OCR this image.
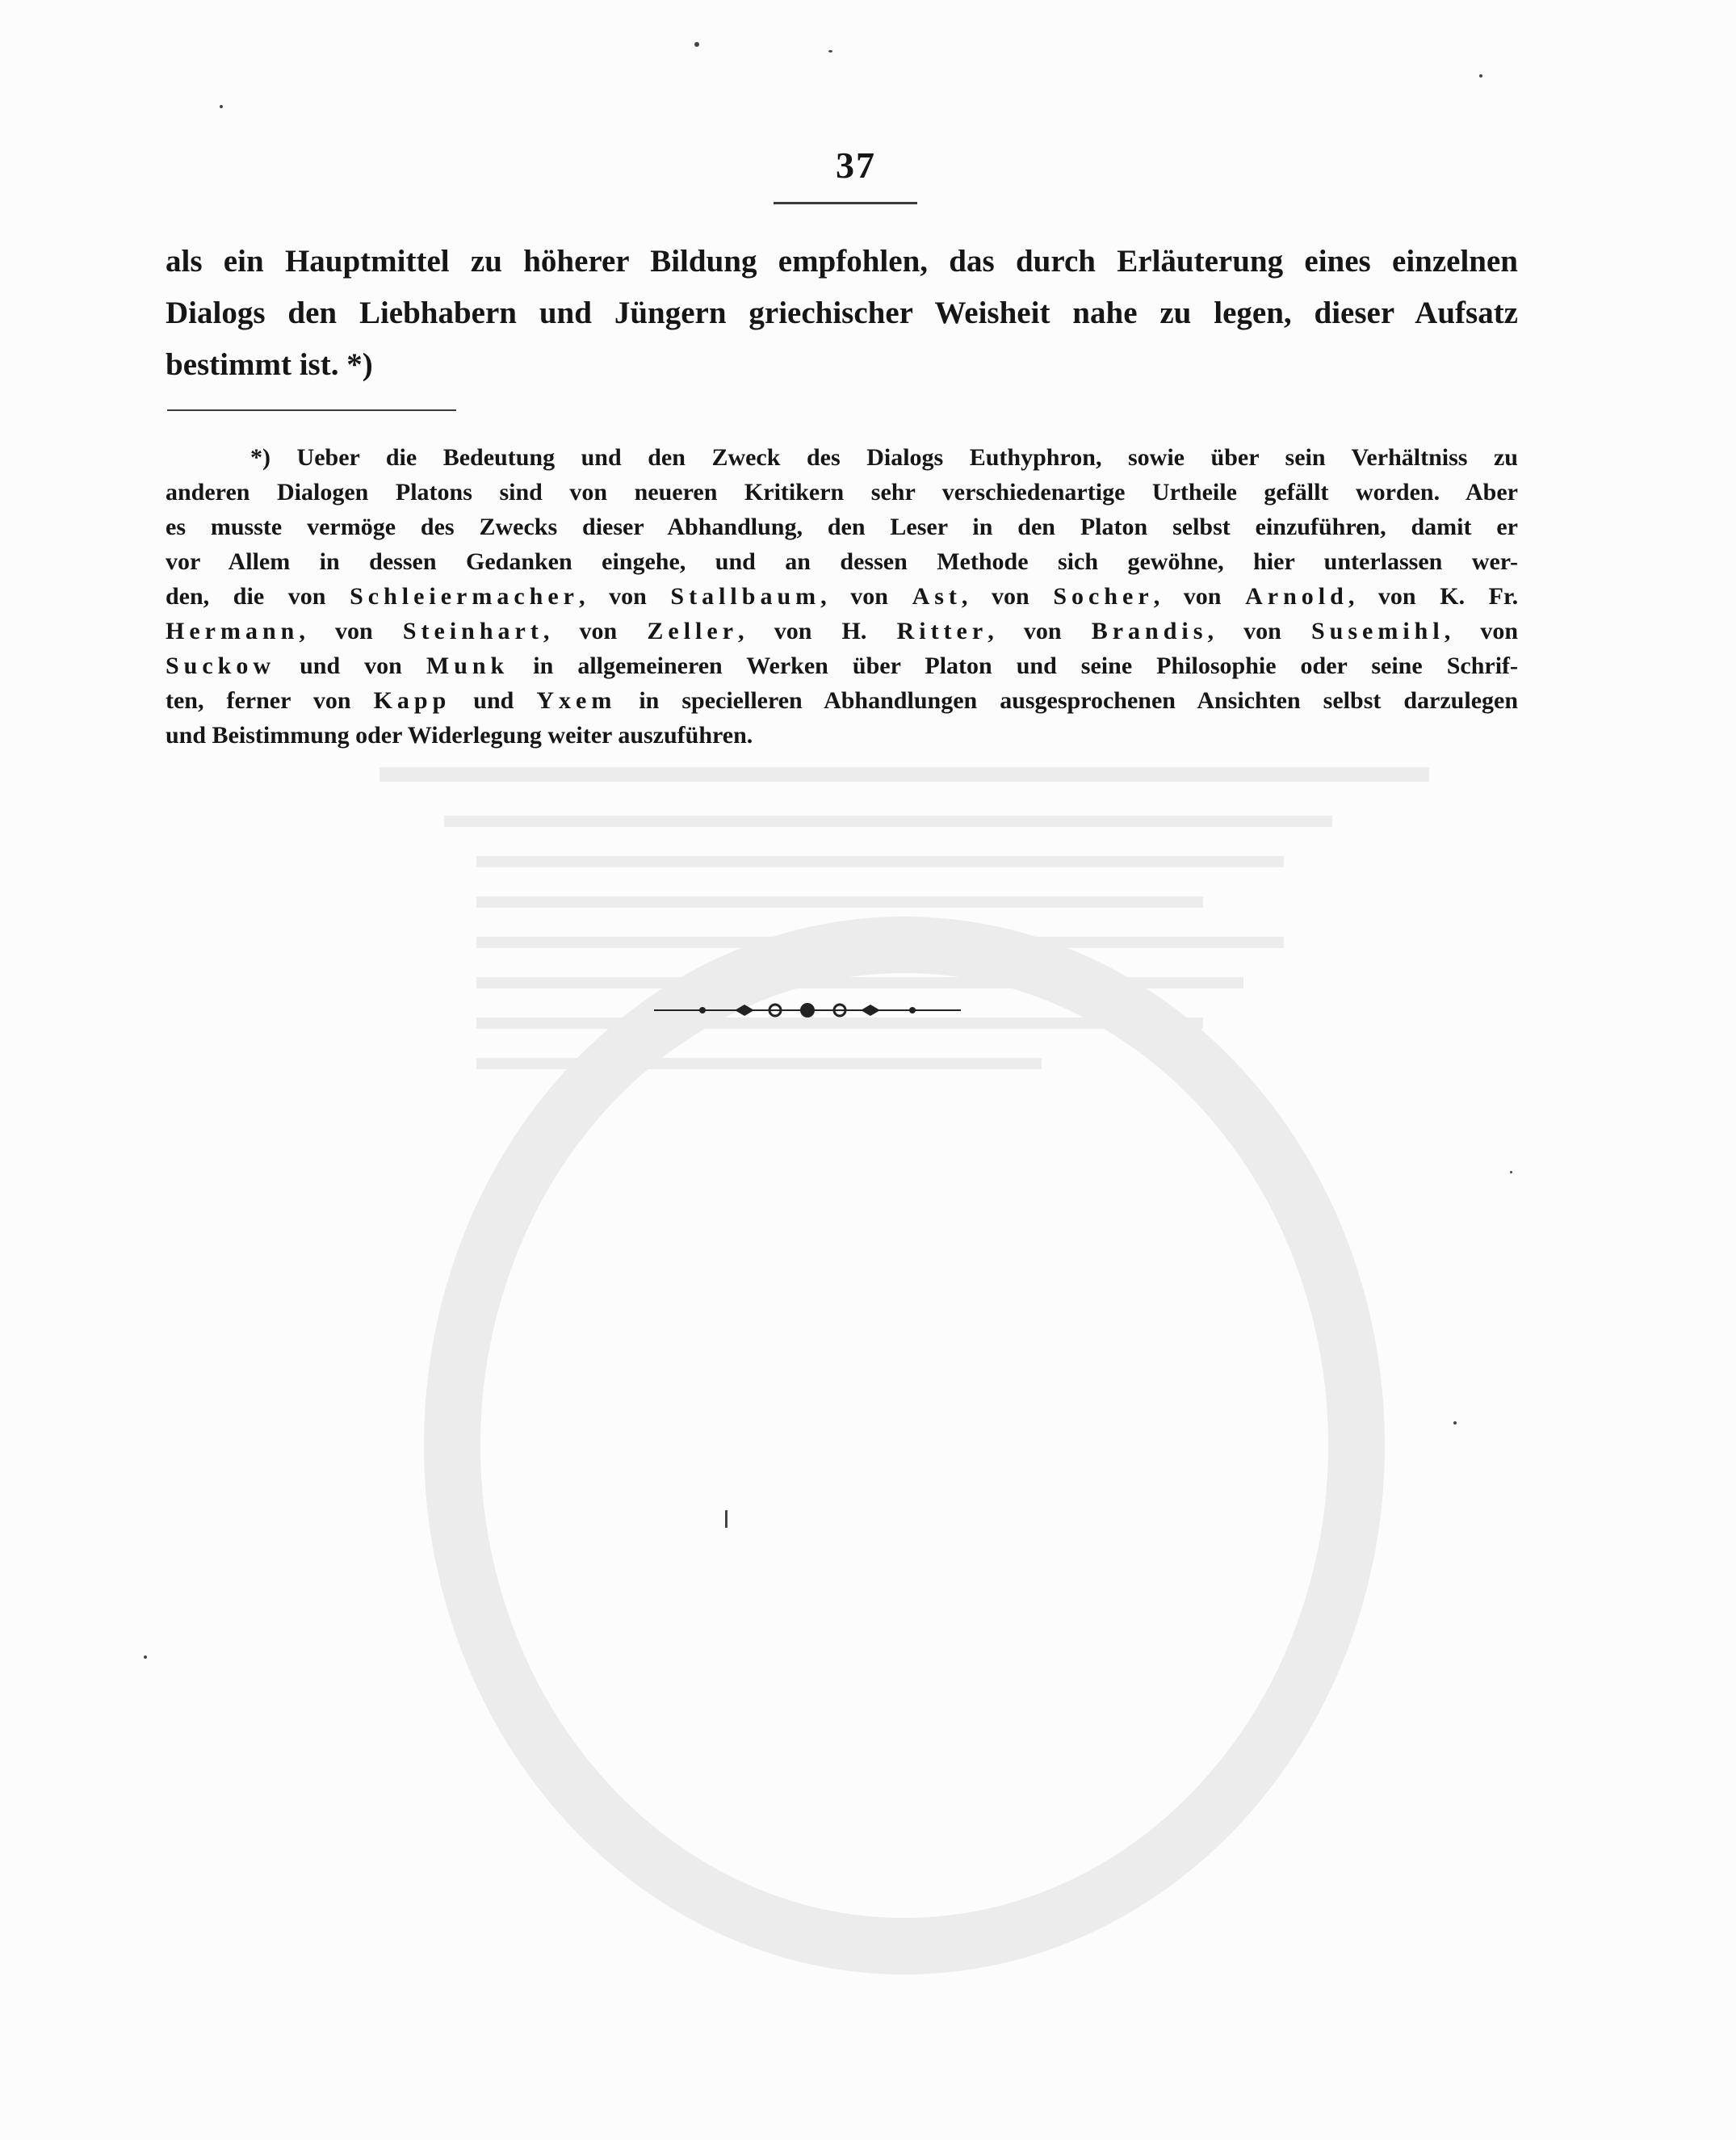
37
als ein Hauptmittel zu höherer Bildung empfohlen, das durch Erläuterung eines einzelnen
Dialogs den Liebhabern und Jüngern griechischer Weisheit nahe zu legen, dieser Aufsatz
bestimmt ist. *)
*) Ueber die Bedeutung und den Zweck des Dialogs Euthyphron, sowie über sein Verhältniss zu
anderen Dialogen Platons sind von neueren Kritikern sehr verschiedenartige Urtheile gefällt worden. Aber
es musste vermöge des Zwecks dieser Abhandlung, den Leser in den Platon selbst einzuführen, damit er
vor Allem in dessen Gedanken eingehe, und an dessen Methode sich gewöhne, hier unterlassen wer-
den, die von Schleiermacher, von Stallbaum, von Ast, von Socher, von Arnold, von K. Fr.
Hermann, von Steinhart, von Zeller, von H. Ritter, von Brandis, von Susemihl, von
Suckow und von Munk in allgemeineren Werken über Platon und seine Philosophie oder seine Schrif-
ten, ferner von Kapp und Yxem in specielleren Abhandlungen ausgesprochenen Ansichten selbst darzulegen
und Beistimmung oder Widerlegung weiter auszuführen.
